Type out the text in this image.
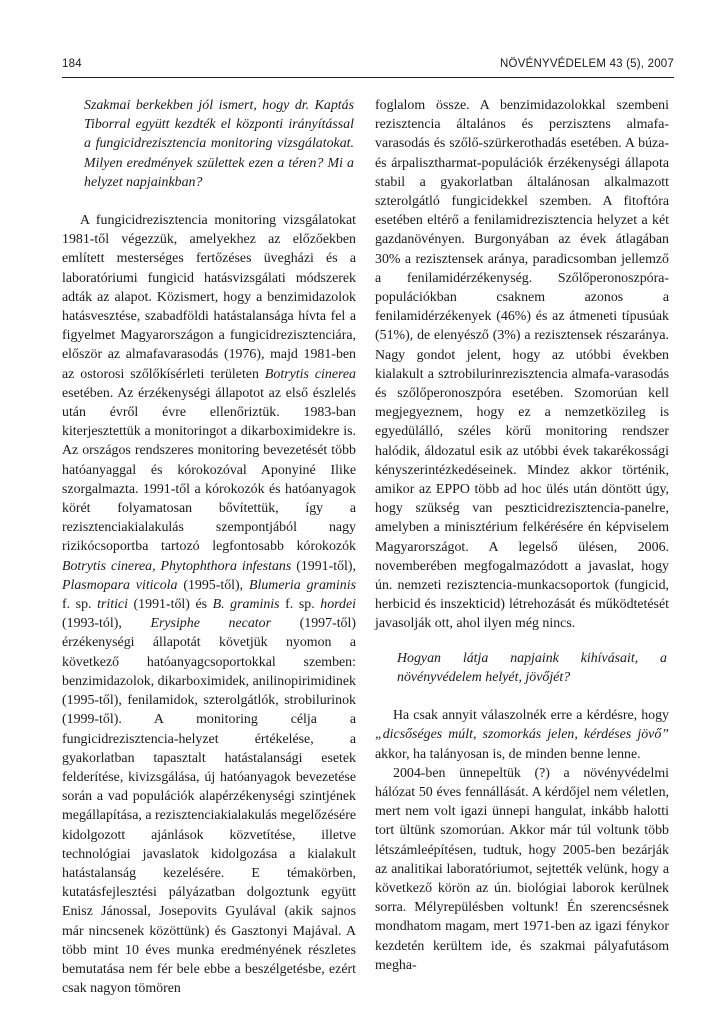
184	NÖVÉNYVÉDELEM 43 (5), 2007

Szakmai berkekben jól ismert, hogy dr. Kaptás Tiborral együtt kezdték el központi irányítással a fungicidrezisztencia monitoring vizsgálatokat. Milyen eredmények születtek ezen a téren? Mi a helyzet napjainkban?

A fungicidrezisztencia monitoring vizsgálatokat 1981-től végezzük, amelyekhez az előzőekben említett mesterséges fertőzéses üvegházi és a laboratóriumi fungicid hatásvizsgálati módszerek adták az alapot. Közismert, hogy a benzimidazolok hatásvesztése, szabadföldi hatástalansága hívta fel a figyelmet Magyarországon a fungicidrezisztenciára, először az almafavarasodás (1976), majd 1981-ben az ostorosi szőlőkísérleti területen Botrytis cinerea esetében. Az érzékenységi állapotot az első észlelés után évről évre ellenőriztük. 1983-ban kiterjesztettük a monitoringot a dikarboximidekre is. Az országos rendszeres monitoring bevezetését több hatóanyaggal és kórokozóval Aponyiné Ilike szorgalmazta. 1991-től a kórokozók és hatóanyagok körét folyamatosan bővítettük, így a rezisztenciakialakulás szempontjából nagy rizikócsoportba tartozó legfontosabb kórokozók Botrytis cinerea, Phytophthora infestans (1991-től), Plasmopara viticola (1995-től), Blumeria graminis f. sp. tritici (1991-től) és B. graminis f. sp. hordei (1993-tól), Erysiphe necator (1997-től) érzékenységi állapotát követjük nyomon a következő hatóanyagcsoportokkal szemben: benzimidazolok, dikarboximidek, anilinopirimidinek (1995-től), fenilamidok, szterolgátlók, strobilurinok (1999-től). A monitoring célja a fungicidrezisztencia-helyzet értékelése, a gyakorlatban tapasztalt hatástalansági esetek felderítése, kivizsgálása, új hatóanyagok bevezetése során a vad populációk alapérzékenységi szintjének megállapítása, a rezisztenciakialakulás megelőzésére kidolgozott ajánlások közvetítése, illetve technológiai javaslatok kidolgozása a kialakult hatástalanság kezelésére. E témakörben, kutatásfejlesztési pályázatban dolgoztunk együtt Enisz Jánossal, Josepovits Gyulával (akik sajnos már nincsenek közöttünk) és Gasztonyi Majával. A több mint 10 éves munka eredményének részletes bemutatása nem fér bele ebbe a beszélgetésbe, ezért csak nagyon tömören

foglalom össze. A benzimidazolokkal szembeni rezisztencia általános és perzisztens almafa-varasodás és szőlő-szürkerothadás esetében. A búza- és árpalisztharmat-populációk érzékenységi állapota stabil a gyakorlatban általánosan alkalmazott szterolgátló fungicidekkel szemben. A fitoftóra esetében eltérő a fenilamidrezisztencia helyzet a két gazdanövényen. Burgonyában az évek átlagában 30% a rezisztensek aránya, paradicsomban jellemző a fenilamidérzékenység. Szőlőperonoszpóra-populációkban csaknem azonos a fenilamidérzékenyek (46%) és az átmeneti típusúak (51%), de elenyésző (3%) a rezisztensek részaránya. Nagy gondot jelent, hogy az utóbbi években kialakult a sztrobilurinrezisztencia almafa-varasodás és szőlőperonoszpóra esetében. Szomorúan kell megjegyeznem, hogy ez a nemzetközileg is egyedülálló, széles körű monitoring rendszer halódik, áldozatul esik az utóbbi évek takarékossági kényszerintézkedéseinek. Mindez akkor történik, amikor az EPPO több ad hoc ülés után döntött úgy, hogy szükség van peszticidrezisztencia-panelre, amelyben a minisztérium felkérésére én képviselem Magyarországot. A legelső ülésen, 2006. novemberében megfogalmazódott a javaslat, hogy ún. nemzeti rezisztencia-munkacsoportok (fungicid, herbicid és inszekticid) létrehozását és működtetését javasolják ott, ahol ilyen még nincs.

Hogyan látja napjaink kihívásait, a növényvédelem helyét, jövőjét?

Ha csak annyit válaszolnék erre a kérdésre, hogy „dicsőséges múlt, szomorkás jelen, kérdéses jövő” akkor, ha talányosan is, de minden benne lenne.

2004-ben ünnepeltük (?) a növényvédelmi hálózat 50 éves fennállását. A kérdőjel nem véletlen, mert nem volt igazi ünnepi hangulat, inkább halotti tort ültünk szomorúan. Akkor már túl voltunk több létszámleépítésen, tudtuk, hogy 2005-ben bezárják az analitikai laboratóriumot, sejtették velünk, hogy a következő körön az ún. biológiai laborok kerülnek sorra. Mélyrepülésben voltunk! Én szerencsésnek mondhatom magam, mert 1971-ben az igazi fénykor kezdetén kerültem ide, és szakmai pályafutásom megha-
